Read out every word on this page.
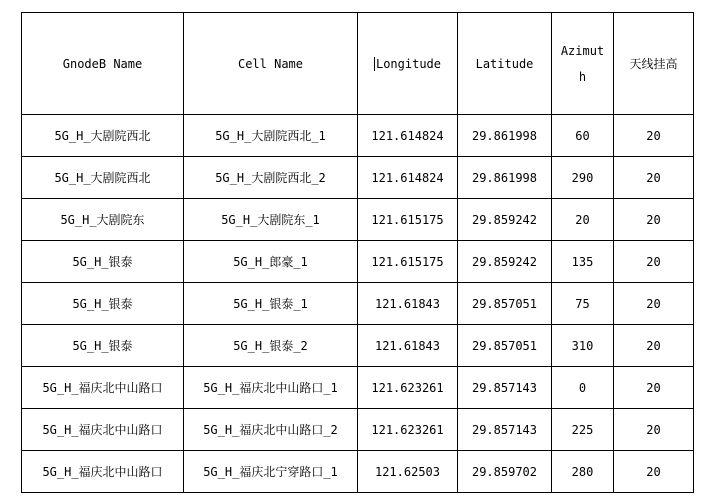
GnodeB Name	Cell Name	Longitude	Latitude	Azimuth	天线挂高
5G_H_大剧院西北	5G_H_大剧院西北_1	121.614824	29.861998	60	20
5G_H_大剧院西北	5G_H_大剧院西北_2	121.614824	29.861998	290	20
5G_H_大剧院东	5G_H_大剧院东_1	121.615175	29.859242	20	20
5G_H_银泰	5G_H_郎豪_1	121.615175	29.859242	135	20
5G_H_银泰	5G_H_银泰_1	121.61843	29.857051	75	20
5G_H_银泰	5G_H_银泰_2	121.61843	29.857051	310	20
5G_H_福庆北中山路口	5G_H_福庆北中山路口_1	121.623261	29.857143	0	20
5G_H_福庆北中山路口	5G_H_福庆北中山路口_2	121.623261	29.857143	225	20
5G_H_福庆北中山路口	5G_H_福庆北宁穿路口_1	121.62503	29.859702	280	20
